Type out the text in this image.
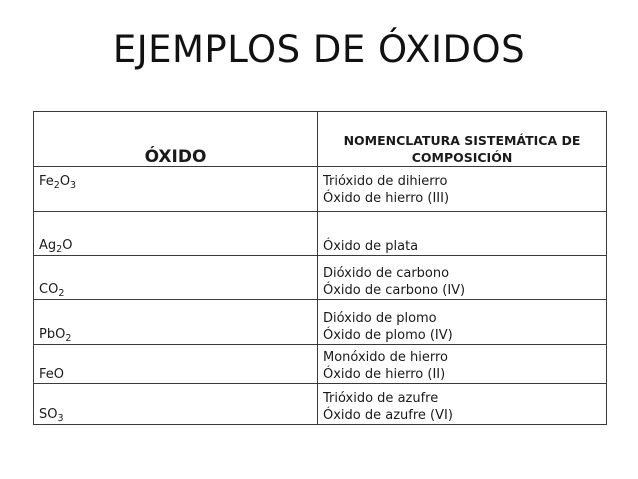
EJEMPLOS DE ÓXIDOS
ÓXIDO	NOMENCLATURA SISTEMÁTICA DE
COMPOSICIÓN

$Fe_2O_3$	Trióxido de dihierro
Óxido de hierro (III)

$Ag_2O$	Óxido de plata

$CO_2$	Dióxido de carbono
Óxido de carbono (IV)

PbO$_2$	Dióxido de plomo
Óxido de plomo (IV)

FeO	Monóxido de hierro
Óxido de hierro (II)

$SO_3$	Trióxido de azufre
Óxido de azufre (VI)
